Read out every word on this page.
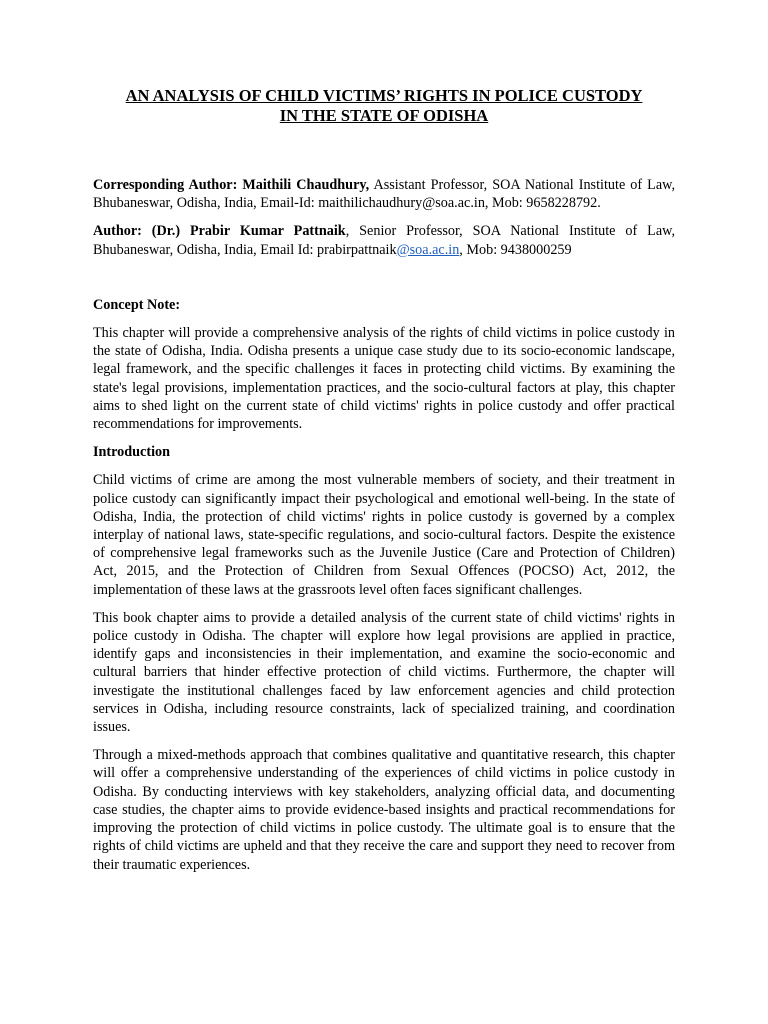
AN ANALYSIS OF CHILD VICTIMS’ RIGHTS IN POLICE CUSTODY
IN THE STATE OF ODISHA

Corresponding Author: Maithili Chaudhury, Assistant Professor, SOA National Institute of Law, Bhubaneswar, Odisha, India, Email-Id: maithilichaudhury@soa.ac.in, Mob: 9658228792.

Author: (Dr.) Prabir Kumar Pattnaik, Senior Professor, SOA National Institute of Law, Bhubaneswar, Odisha, India, Email Id: prabirpattnaik@soa.ac.in, Mob: 9438000259

Concept Note:

This chapter will provide a comprehensive analysis of the rights of child victims in police custody in the state of Odisha, India. Odisha presents a unique case study due to its socio-economic landscape, legal framework, and the specific challenges it faces in protecting child victims. By examining the state's legal provisions, implementation practices, and the socio-cultural factors at play, this chapter aims to shed light on the current state of child victims' rights in police custody and offer practical recommendations for improvements.

Introduction

Child victims of crime are among the most vulnerable members of society, and their treatment in police custody can significantly impact their psychological and emotional well-being. In the state of Odisha, India, the protection of child victims' rights in police custody is governed by a complex interplay of national laws, state-specific regulations, and socio-cultural factors. Despite the existence of comprehensive legal frameworks such as the Juvenile Justice (Care and Protection of Children) Act, 2015, and the Protection of Children from Sexual Offences (POCSO) Act, 2012, the implementation of these laws at the grassroots level often faces significant challenges.

This book chapter aims to provide a detailed analysis of the current state of child victims' rights in police custody in Odisha. The chapter will explore how legal provisions are applied in practice, identify gaps and inconsistencies in their implementation, and examine the socio-economic and cultural barriers that hinder effective protection of child victims. Furthermore, the chapter will investigate the institutional challenges faced by law enforcement agencies and child protection services in Odisha, including resource constraints, lack of specialized training, and coordination issues.

Through a mixed-methods approach that combines qualitative and quantitative research, this chapter will offer a comprehensive understanding of the experiences of child victims in police custody in Odisha. By conducting interviews with key stakeholders, analyzing official data, and documenting case studies, the chapter aims to provide evidence-based insights and practical recommendations for improving the protection of child victims in police custody. The ultimate goal is to ensure that the rights of child victims are upheld and that they receive the care and support they need to recover from their traumatic experiences.
